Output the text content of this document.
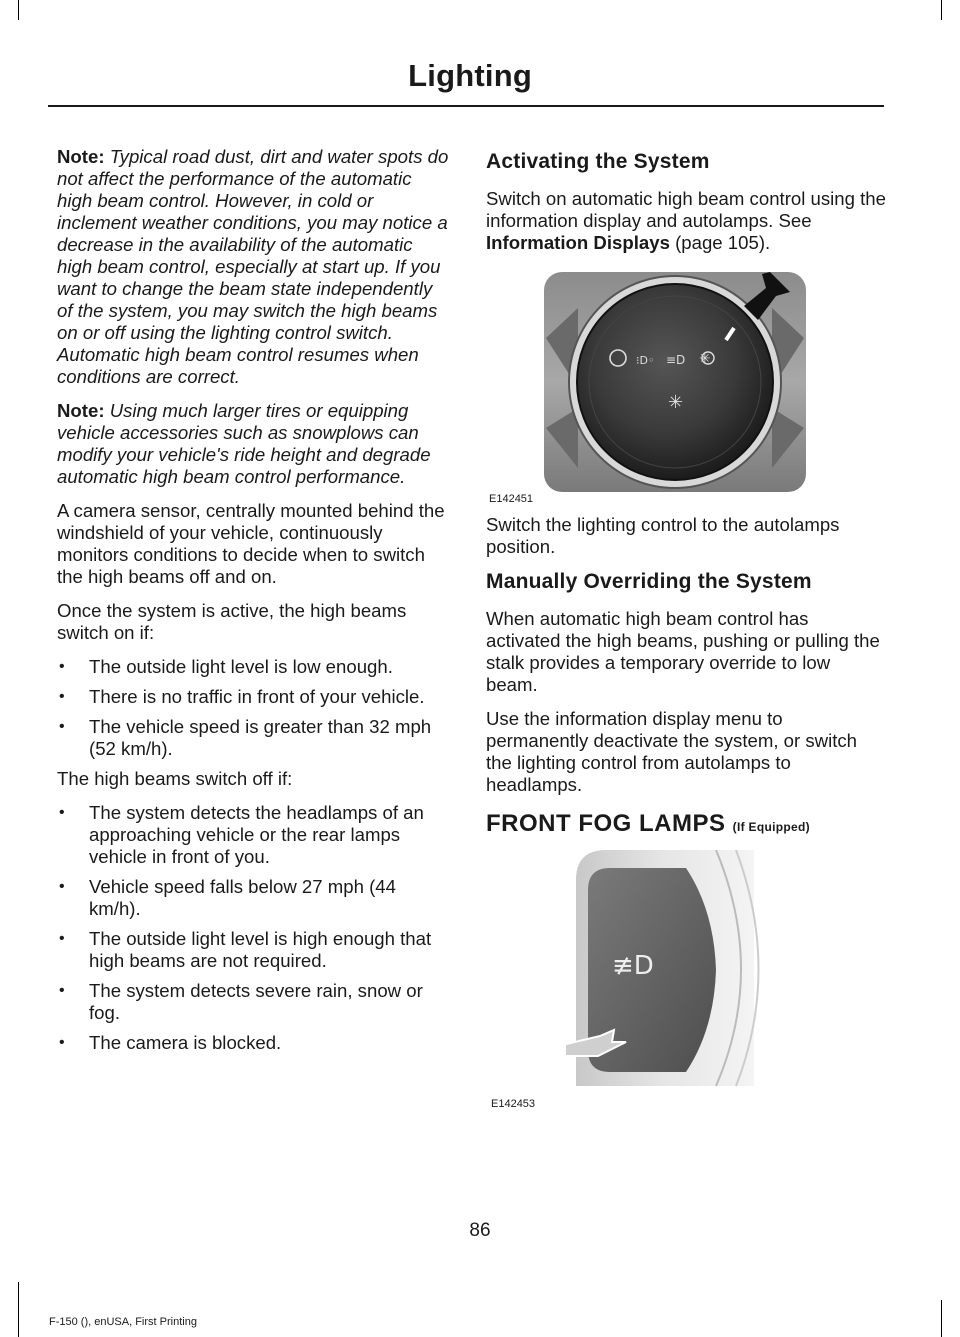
Lighting

Note: Typical road dust, dirt and water spots do not affect the performance of the automatic high beam control. However, in cold or inclement weather conditions, you may notice a decrease in the availability of the automatic high beam control, especially at start up. If you want to change the beam state independently of the system, you may switch the high beams on or off using the lighting control switch. Automatic high beam control resumes when conditions are correct.

Note: Using much larger tires or equipping vehicle accessories such as snowplows can modify your vehicle's ride height and degrade automatic high beam control performance.

A camera sensor, centrally mounted behind the windshield of your vehicle, continuously monitors conditions to decide when to switch the high beams off and on.

Once the system is active, the high beams switch on if:

• The outside light level is low enough.
• There is no traffic in front of your vehicle.
• The vehicle speed is greater than 32 mph (52 km/h).

The high beams switch off if:

• The system detects the headlamps of an approaching vehicle or the rear lamps vehicle in front of you.
• Vehicle speed falls below 27 mph (44 km/h).
• The outside light level is high enough that high beams are not required.
• The system detects severe rain, snow or fog.
• The camera is blocked.
Activating the System

Switch on automatic high beam control using the information display and autolamps. See Information Displays (page 105).

⁝D◦ ≡D ✳
✳
E142451

Switch the lighting control to the autolamps position.

Manually Overriding the System

When automatic high beam control has activated the high beams, pushing or pulling the stalk provides a temporary override to low beam.

Use the information display menu to permanently deactivate the system, or switch the lighting control from autolamps to headlamps.

FRONT FOG LAMPS (If Equipped)
≢D
E142453
86
F-150 (), enUSA, First Printing
